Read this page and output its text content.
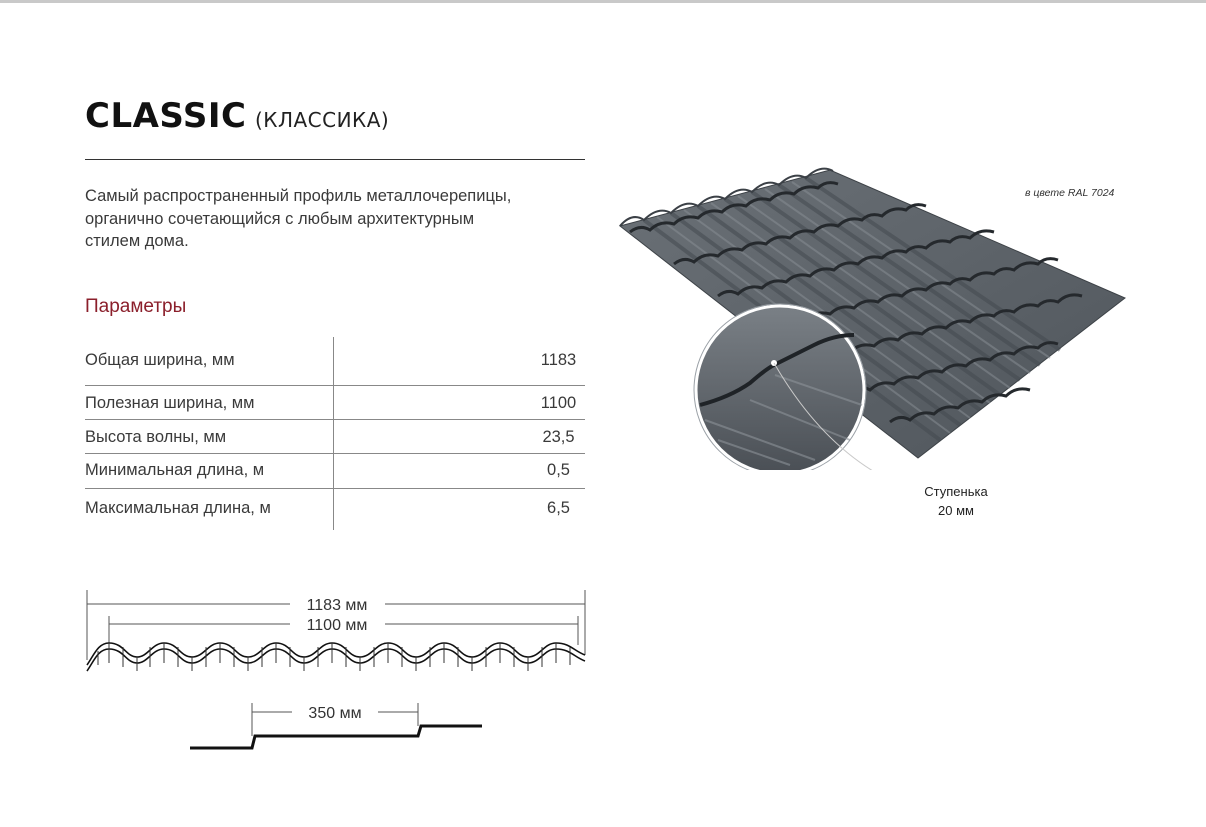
CLASSIC (КЛАССИКА)
Самый распространенный профиль металлочерепицы,
органично сочетающийся с любым архитектурным
стилем дома.
Параметры
Общая ширина, мм	1183
Полезная ширина, мм	1100
Высота волны, мм	23,5
Минимальная длина, м	0,5
Максимальная длина, м	6,5
в цвете RAL 7024
Ступенька
20 мм
1183 мм
1100 мм
350 мм
